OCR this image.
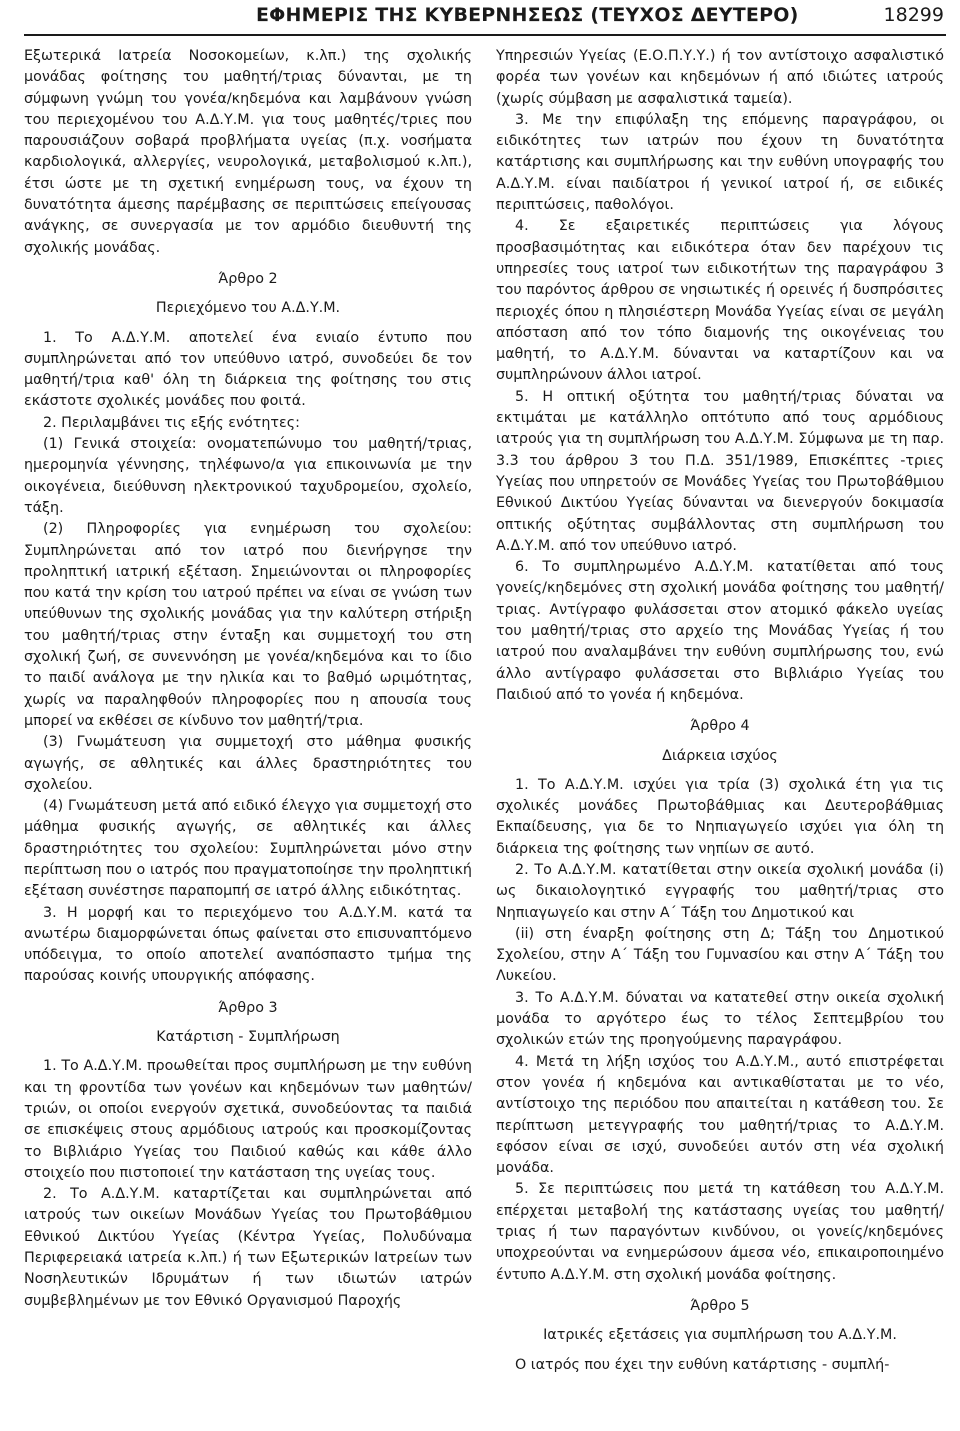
ΕΦΗΜΕΡΙΣ ΤΗΣ ΚΥΒΕΡΝΗΣΕΩΣ (ΤΕΥΧΟΣ ΔΕΥΤΕΡΟ)	18299

Εξωτερικά Ιατρεία Νοσοκομείων, κ.λπ.) της σχολικής μονάδας φοίτησης του μαθητή/τριας δύνανται, με τη σύμφωνη γνώμη του γονέα/κηδεμόνα και λαμβάνουν γνώση του περιεχομένου του Α.Δ.Υ.Μ. για τους μαθητές/τριες που παρουσιάζουν σοβαρά προβλήματα υγείας (π.χ. νοσήματα καρδιολογικά, αλλεργίες, νευρολογικά, μεταβολισμού κ.λπ.), έτσι ώστε με τη σχετική ενημέρωση τους, να έχουν τη δυνατότητα άμεσης παρέμβασης σε περιπτώσεις επείγουσας ανάγκης, σε συνεργασία με τον αρμόδιο διευθυντή της σχολικής μονάδας.

Άρθρο 2

Περιεχόμενο του Α.Δ.Υ.Μ.

1. Το Α.Δ.Υ.Μ. αποτελεί ένα ενιαίο έντυπο που συμπληρώνεται από τον υπεύθυνο ιατρό, συνοδεύει δε τον μαθητή/τρια καθ' όλη τη διάρκεια της φοίτησης του στις εκάστοτε σχολικές μονάδες που φοιτά.

2. Περιλαμβάνει τις εξής ενότητες:

(1) Γενικά στοιχεία: ονοματεπώνυμο του μαθητή/τριας, ημερομηνία γέννησης, τηλέφωνο/α για επικοινωνία με την οικογένεια, διεύθυνση ηλεκτρονικού ταχυδρομείου, σχολείο, τάξη.

(2) Πληροφορίες για ενημέρωση του σχολείου: Συμπληρώνεται από τον ιατρό που διενήργησε την προληπτική ιατρική εξέταση. Σημειώνονται οι πληροφορίες που κατά την κρίση του ιατρού πρέπει να είναι σε γνώση των υπεύθυνων της σχολικής μονάδας για την καλύτερη στήριξη του μαθητή/τριας στην ένταξη και συμμετοχή του στη σχολική ζωή, σε συνεννόηση με γονέα/κηδεμόνα και το ίδιο το παιδί ανάλογα με την ηλικία και το βαθμό ωριμότητας, χωρίς να παραληφθούν πληροφορίες που η απουσία τους μπορεί να εκθέσει σε κίνδυνο τον μαθητή/τρια.

(3) Γνωμάτευση για συμμετοχή στο μάθημα φυσικής αγωγής, σε αθλητικές και άλλες δραστηριότητες του σχολείου.

(4) Γνωμάτευση μετά από ειδικό έλεγχο για συμμετοχή στο μάθημα φυσικής αγωγής, σε αθλητικές και άλλες δραστηριότητες του σχολείου: Συμπληρώνεται μόνο στην περίπτωση που ο ιατρός που πραγματοποίησε την προληπτική εξέταση συνέστησε παραπομπή σε ιατρό άλλης ειδικότητας.

3. Η μορφή και το περιεχόμενο του Α.Δ.Υ.Μ. κατά τα ανωτέρω διαμορφώνεται όπως φαίνεται στο επισυναπτόμενο υπόδειγμα, το οποίο αποτελεί αναπόσπαστο τμήμα της παρούσας κοινής υπουργικής απόφασης.

Άρθρο 3

Κατάρτιση - Συμπλήρωση

1. Το Α.Δ.Υ.Μ. προωθείται προς συμπλήρωση με την ευθύνη και τη φροντίδα των γονέων και κηδεμόνων των μαθητών/τριών, οι οποίοι ενεργούν σχετικά, συνοδεύοντας τα παιδιά σε επισκέψεις στους αρμόδιους ιατρούς και προσκομίζοντας το Βιβλιάριο Υγείας του Παιδιού καθώς και κάθε άλλο στοιχείο που πιστοποιεί την κατάσταση της υγείας τους.

2. Το Α.Δ.Υ.Μ. καταρτίζεται και συμπληρώνεται από ιατρούς των οικείων Μονάδων Υγείας του Πρωτοβάθμιου Εθνικού Δικτύου Υγείας (Κέντρα Υγείας, Πολυδύναμα Περιφερειακά ιατρεία κ.λπ.) ή των Εξωτερικών Ιατρείων των Νοσηλευτικών Ιδρυμάτων ή των ιδιωτών ιατρών συμβεβλημένων με τον Εθνικό Οργανισμού Παροχής

Υπηρεσιών Υγείας (Ε.Ο.Π.Υ.Υ.) ή τον αντίστοιχο ασφαλιστικό φορέα των γονέων και κηδεμόνων ή από ιδιώτες ιατρούς (χωρίς σύμβαση με ασφαλιστικά ταμεία).

3. Με την επιφύλαξη της επόμενης παραγράφου, οι ειδικότητες των ιατρών που έχουν τη δυνατότητα κατάρτισης και συμπλήρωσης και την ευθύνη υπογραφής του Α.Δ.Υ.Μ. είναι παιδίατροι ή γενικοί ιατροί ή, σε ειδικές περιπτώσεις, παθολόγοι.

4. Σε εξαιρετικές περιπτώσεις για λόγους προσβασιμότητας και ειδικότερα όταν δεν παρέχουν τις υπηρεσίες τους ιατροί των ειδικοτήτων της παραγράφου 3 του παρόντος άρθρου σε νησιωτικές ή ορεινές ή δυσπρόσιτες περιοχές όπου η πλησιέστερη Μονάδα Υγείας είναι σε μεγάλη απόσταση από τον τόπο διαμονής της οικογένειας του μαθητή, το Α.Δ.Υ.Μ. δύνανται να καταρτίζουν και να συμπληρώνουν άλλοι ιατροί.

5. Η οπτική οξύτητα του μαθητή/τριας δύναται να εκτιμάται με κατάλληλο οπτότυπο από τους αρμόδιους ιατρούς για τη συμπλήρωση του Α.Δ.Υ.Μ. Σύμφωνα με τη παρ. 3.3 του άρθρου 3 του Π.Δ. 351/1989, Επισκέπτες -τριες Υγείας που υπηρετούν σε Μονάδες Υγείας του Πρωτοβάθμιου Εθνικού Δικτύου Υγείας δύνανται να διενεργούν δοκιμασία οπτικής οξύτητας συμβάλλοντας στη συμπλήρωση του Α.Δ.Υ.Μ. από τον υπεύθυνο ιατρό.

6. Το συμπληρωμένο Α.Δ.Υ.Μ. κατατίθεται από τους γονείς/κηδεμόνες στη σχολική μονάδα φοίτησης του μαθητή/τριας. Αντίγραφο φυλάσσεται στον ατομικό φάκελο υγείας του μαθητή/τριας στο αρχείο της Μονάδας Υγείας ή του ιατρού που αναλαμβάνει την ευθύνη συμπλήρωσης του, ενώ άλλο αντίγραφο φυλάσσεται στο Βιβλιάριο Υγείας του Παιδιού από το γονέα ή κηδεμόνα.

Άρθρο 4

Διάρκεια ισχύος

1. Το Α.Δ.Υ.Μ. ισχύει για τρία (3) σχολικά έτη για τις σχολικές μονάδες Πρωτοβάθμιας και Δευτεροβάθμιας Εκπαίδευσης, για δε το Νηπιαγωγείο ισχύει για όλη τη διάρκεια της φοίτησης των νηπίων σε αυτό.

2. Το Α.Δ.Υ.Μ. κατατίθεται στην οικεία σχολική μονάδα (i) ως δικαιολογητικό εγγραφής του μαθητή/τριας στο Νηπιαγωγείο και στην Α΄ Τάξη του Δημοτικού και

(ii) στη έναρξη φοίτησης στη Δ; Τάξη του Δημοτικού Σχολείου, στην Α΄ Τάξη του Γυμνασίου και στην Α΄ Τάξη του Λυκείου.

3. Το Α.Δ.Υ.Μ. δύναται να κατατεθεί στην οικεία σχολική μονάδα το αργότερο έως το τέλος Σεπτεμβρίου του σχολικών ετών της προηγούμενης παραγράφου.

4. Μετά τη λήξη ισχύος του Α.Δ.Υ.Μ., αυτό επιστρέφεται στον γονέα ή κηδεμόνα και αντικαθίσταται με το νέο, αντίστοιχο της περιόδου που απαιτείται η κατάθεση του. Σε περίπτωση μετεγγραφής του μαθητή/τριας το Α.Δ.Υ.Μ. εφόσον είναι σε ισχύ, συνοδεύει αυτόν στη νέα σχολική μονάδα.

5. Σε περιπτώσεις που μετά τη κατάθεση του Α.Δ.Υ.Μ. επέρχεται μεταβολή της κατάστασης υγείας του μαθητή/τριας ή των παραγόντων κινδύνου, οι γονείς/κηδεμόνες υποχρεούνται να ενημερώσουν άμεσα νέο, επικαιροποιημένο έντυπο Α.Δ.Υ.Μ. στη σχολική μονάδα φοίτησης.

Άρθρο 5

Ιατρικές εξετάσεις για συμπλήρωση του Α.Δ.Υ.Μ.

Ο ιατρός που έχει την ευθύνη κατάρτισης - συμπλή-
